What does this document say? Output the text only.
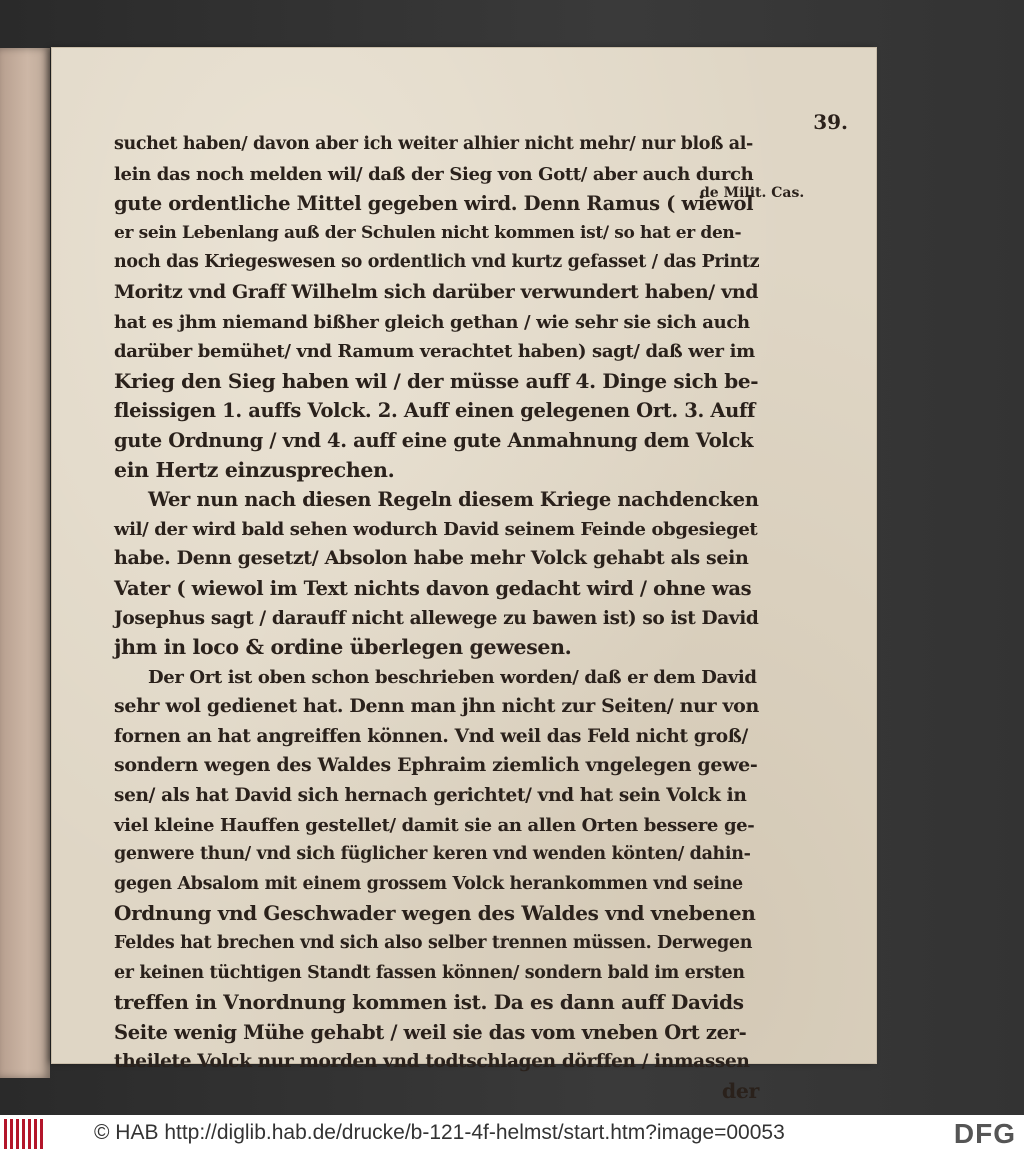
39.
suchet haben/ davon aber ich weiter alhier nicht mehr/ nur bloß al-
lein das noch melden wil/ daß der Sieg von Gott/ aber auch durch
gute ordentliche Mittel gegeben wird. Denn Ramus ( wiewol
er sein Lebenlang auß der Schulen nicht kommen ist/ so hat er den-
noch das Kriegeswesen so ordentlich vnd kurtz gefasset / das Printz
Moritz vnd Graff Wilhelm sich darüber verwundert haben/ vnd
hat es jhm niemand bißher gleich gethan / wie sehr sie sich auch
darüber bemühet/ vnd Ramum verachtet haben) sagt/ daß wer im
Krieg den Sieg haben wil / der müsse auff 4. Dinge sich be-
fleissigen 1. auffs Volck. 2. Auff einen gelegenen Ort. 3. Auff
gute Ordnung / vnd 4. auff eine gute Anmahnung dem Volck
ein Hertz einzusprechen.
Wer nun nach diesen Regeln diesem Kriege nachdencken
wil/ der wird bald sehen wodurch David seinem Feinde obgesieget
habe. Denn gesetzt/ Absolon habe mehr Volck gehabt als sein
Vater ( wiewol im Text nichts davon gedacht wird / ohne was
Josephus sagt / darauff nicht allewege zu bawen ist) so ist David
jhm in loco & ordine überlegen gewesen.
Der Ort ist oben schon beschrieben worden/ daß er dem David
sehr wol gedienet hat. Denn man jhn nicht zur Seiten/ nur von
fornen an hat angreiffen können. Vnd weil das Feld nicht groß/
sondern wegen des Waldes Ephraim ziemlich vngelegen gewe-
sen/ als hat David sich hernach gerichtet/ vnd hat sein Volck in
viel kleine Hauffen gestellet/ damit sie an allen Orten bessere ge-
genwere thun/ vnd sich füglicher keren vnd wenden könten/ dahin-
gegen Absalom mit einem grossem Volck herankommen vnd seine
Ordnung vnd Geschwader wegen des Waldes vnd vnebenen
Feldes hat brechen vnd sich also selber trennen müssen. Derwegen
er keinen tüchtigen Standt fassen können/ sondern bald im ersten
treffen in Vnordnung kommen ist. Da es dann auff Davids
Seite wenig Mühe gehabt / weil sie das vom vneben Ort zer-
theilete Volck nur morden vnd todtschlagen dörffen / inmassen
der
de Milit. Cas.
© HAB http://diglib.hab.de/drucke/b-121-4f-helmst/start.htm?image=00053	DFG
